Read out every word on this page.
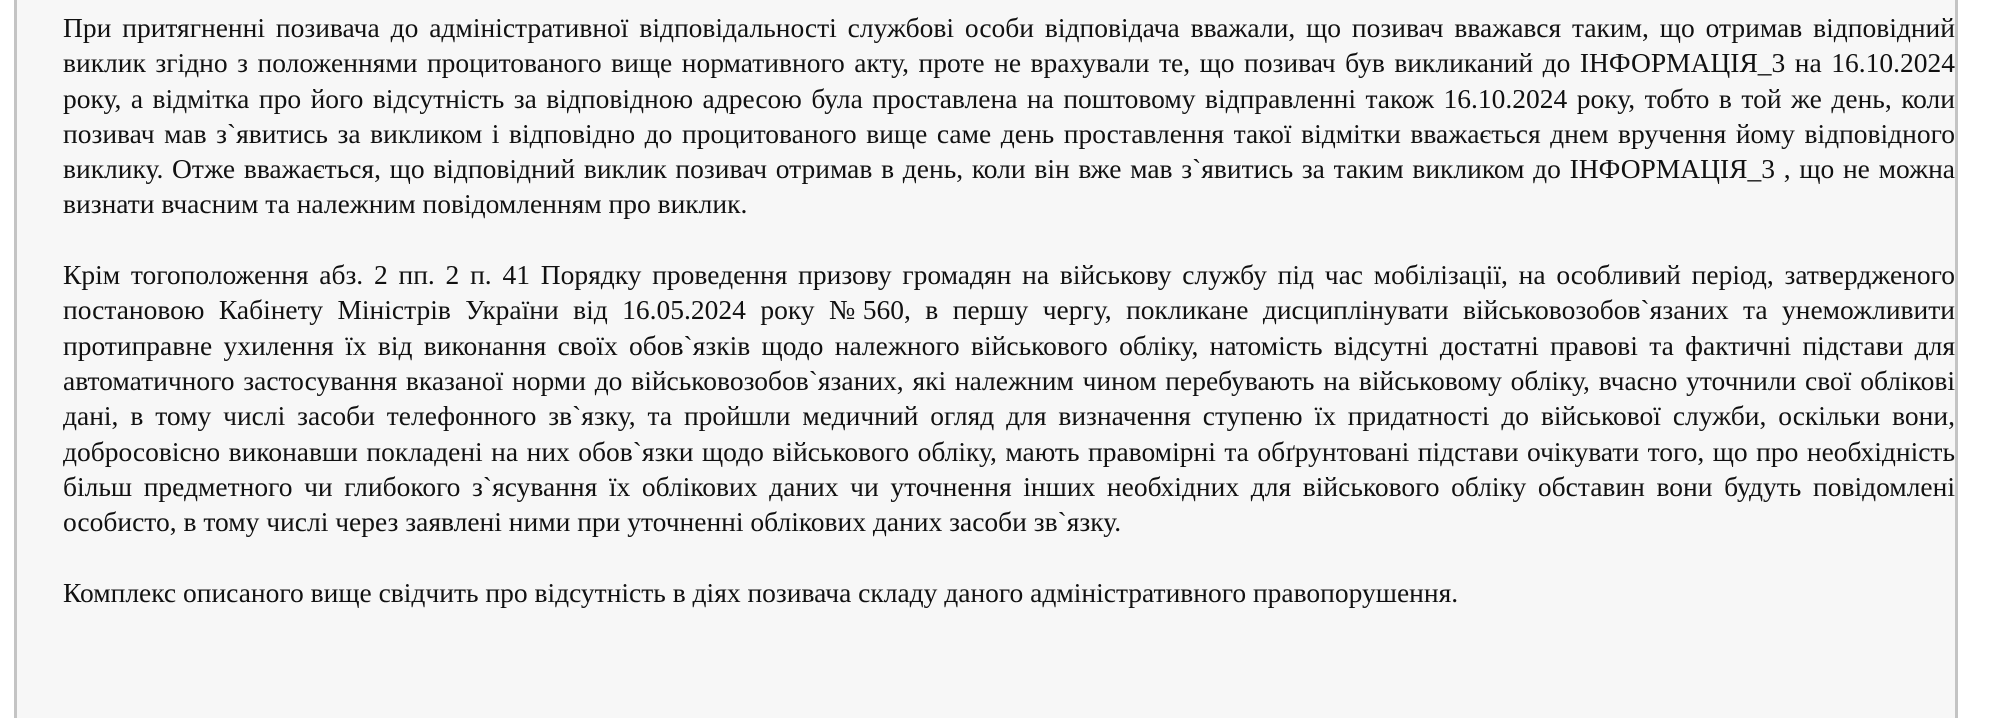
При притягненні позивача до адміністративної відповідальності службові особи відповідача вважали, що позивач вважався таким, що отримав відповідний виклик згідно з положеннями процитованого вище нормативного акту, проте не врахували те, що позивач був викликаний до ІНФОРМАЦІЯ_3 на 16.10.2024 року, а відмітка про його відсутність за відповідною адресою була проставлена на поштовому відправленні також 16.10.2024 року, тобто в той же день, коли позивач мав з`явитись за викликом і відповідно до процитованого вище саме день проставлення такої відмітки вважається днем вручення йому відповідного виклику. Отже вважається, що відповідний виклик позивач отримав в день, коли він вже мав з`явитись за таким викликом до ІНФОРМАЦІЯ_3 , що не можна визнати вчасним та належним повідомленням про виклик.

Крім тогоположення абз. 2 пп. 2 п. 41 Порядку проведення призову громадян на військову службу під час мобілізації, на особливий період, затвердженого постановою Кабінету Міністрів України від 16.05.2024 року №560, в першу чергу, покликане дисциплінувати військовозобов`язаних та унеможливити протиправне ухилення їх від виконання своїх обов`язків щодо належного військового обліку, натомість відсутні достатні правові та фактичні підстави для автоматичного застосування вказаної норми до військовозобов`язаних, які належним чином перебувають на військовому обліку, вчасно уточнили свої облікові дані, в тому числі засоби телефонного зв`язку, та пройшли медичний огляд для визначення ступеню їх придатності до військової служби, оскільки вони, добросовісно виконавши покладені на них обов`язки щодо військового обліку, мають правомірні та обґрунтовані підстави очікувати того, що про необхідність більш предметного чи глибокого з`ясування їх облікових даних чи уточнення інших необхідних для військового обліку обставин вони будуть повідомлені особисто, в тому числі через заявлені ними при уточненні облікових даних засоби зв`язку.

Комплекс описаного вище свідчить про відсутність в діях позивача складу даного адміністративного правопорушення.
